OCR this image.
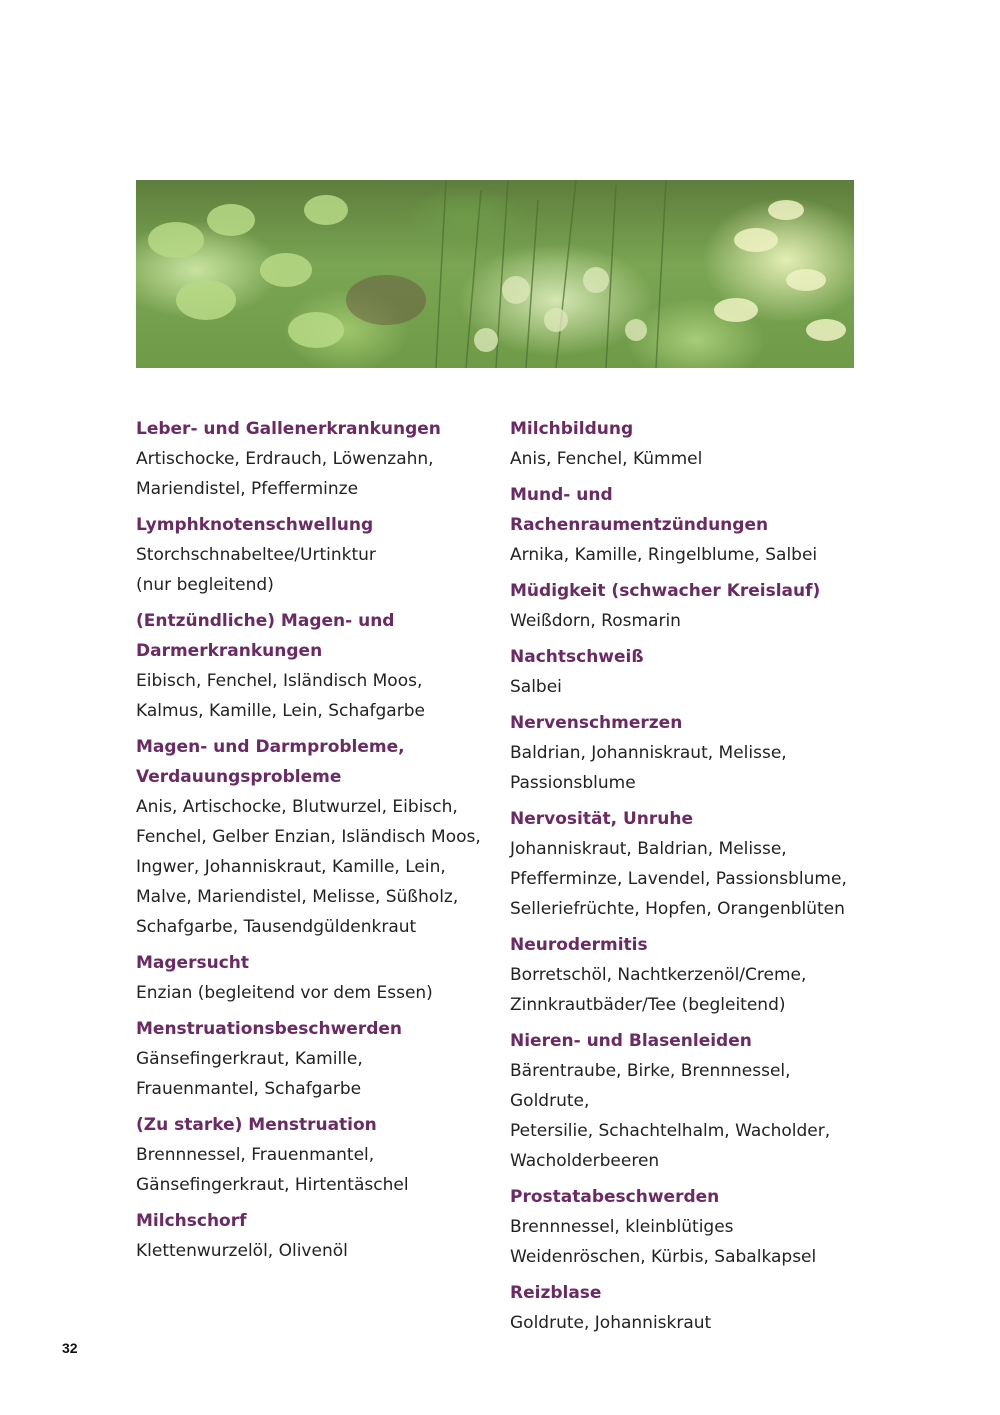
Leber- und Gallenerkrankungen
Artischocke, Erdrauch, Löwenzahn,
Mariendistel, Pfefferminze
Lymphknotenschwellung
Storchschnabeltee/Urtinktur
(nur begleitend)
(Entzündliche) Magen- und
Darmerkrankungen
Eibisch, Fenchel, Isländisch Moos,
Kalmus, Kamille, Lein, Schafgarbe
Magen- und Darmprobleme,
Verdauungsprobleme
Anis, Artischocke, Blutwurzel, Eibisch,
Fenchel, Gelber Enzian, Isländisch Moos,
Ingwer, Johanniskraut, Kamille, Lein,
Malve, Mariendistel, Melisse, Süßholz,
Schafgarbe, Tausendgüldenkraut
Magersucht
Enzian (begleitend vor dem Essen)
Menstruationsbeschwerden
Gänsefingerkraut, Kamille,
Frauenmantel, Schafgarbe
(Zu starke) Menstruation
Brennnessel, Frauenmantel,
Gänsefingerkraut, Hirtentäschel
Milchschorf
Klettenwurzelöl, Olivenöl
Milchbildung
Anis, Fenchel, Kümmel
Mund- und Rachenraumentzündungen
Arnika, Kamille, Ringelblume, Salbei
Müdigkeit (schwacher Kreislauf)
Weißdorn, Rosmarin
Nachtschweiß
Salbei
Nervenschmerzen
Baldrian, Johanniskraut, Melisse,
Passionsblume
Nervosität, Unruhe
Johanniskraut, Baldrian, Melisse,
Pfefferminze, Lavendel, Passionsblume,
Selleriefrüchte, Hopfen, Orangenblüten
Neurodermitis
Borretschöl, Nachtkerzenöl/Creme,
Zinnkrautbäder/Tee (begleitend)
Nieren- und Blasenleiden
Bärentraube, Birke, Brennnessel, Goldrute,
Petersilie, Schachtelhalm, Wacholder,
Wacholderbeeren
Prostatabeschwerden
Brennnessel, kleinblütiges
Weidenröschen, Kürbis, Sabalkapsel
Reizblase
Goldrute, Johanniskraut
32
